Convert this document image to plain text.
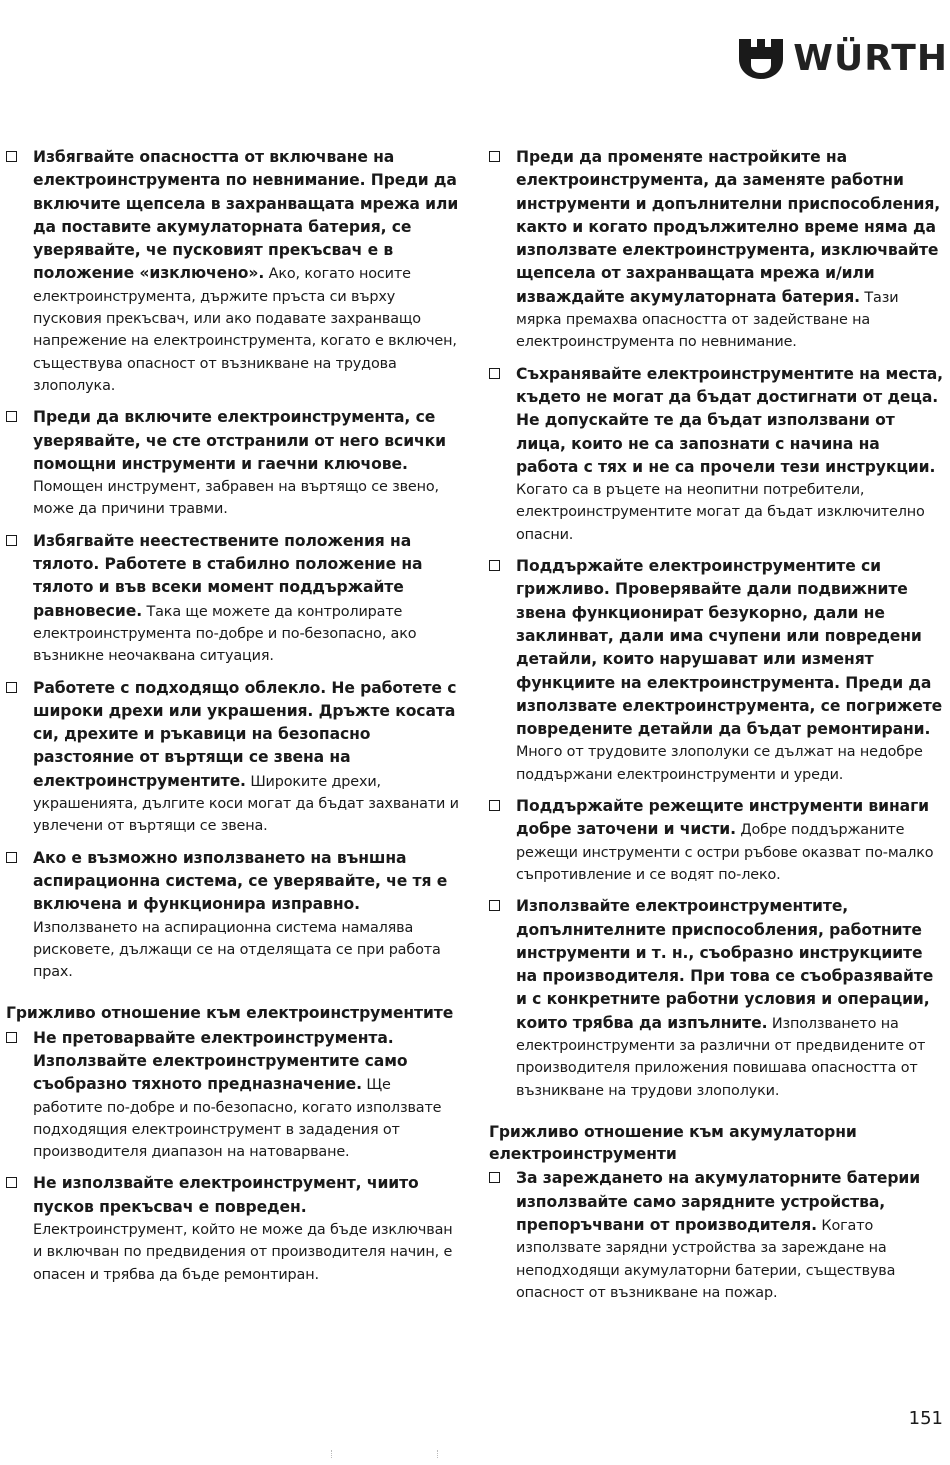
WÜRTH
Избягвайте опасността от включване на електроинструмента по невнимание. Преди да включите щепсела в захранващата мрежа или да поставите акумулаторната батерия, се уверявайте, че пусковият прекъсвач е в положение «изключено». Ако, когато носите електроинструмента, държите пръста си върху пусковия прекъсвач, или ако подавате захранващо напрежение на електроинструмента, когато е включен, съществува опасност от възникване на трудова злополука.
Преди да включите електроинструмента, се уверявайте, че сте отстранили от него всички помощни инструменти и гаечни ключове. Помощен инструмент, забравен на въртящо се звено, може да причини травми.
Избягвайте неестествените положения на тялото. Работете в стабилно положение на тялото и във всеки момент поддържайте равновесие. Така ще можете да контролирате електроинструмента по-добре и по-безопасно, ако възникне неочаквана ситуация.
Работете с подходящо облекло. Не работете с широки дрехи или украшения. Дръжте косата си, дрехите и ръкавици на безопасно разстояние от въртящи се звена на електроинструментите. Широките дрехи, украшенията, дългите коси могат да бъдат захванати и увлечени от въртящи се звена.
Ако е възможно използването на външна аспирационна система, се уверявайте, че тя е включена и функционира изправно. Използването на аспирационна система намалява рисковете, дължащи се на отделящата се при работа прах.
Грижливо отношение към електроинструментите
Не претоварвайте електроинструмента. Използвайте електроинструментите само съобразно тяхното предназначение. Ще работите по-добре и по-безопасно, когато използвате подходящия електроинструмент в зададения от производителя диапазон на натоварване.
Не използвайте електроинструмент, чиито пусков прекъсвач е повреден. Електроинструмент, който не може да бъде изключван и включван по предвидения от производителя начин, е опасен и трябва да бъде ремонтиран.
Преди да променяте настройките на електроинструмента, да заменяте работни инструменти и допълнителни приспособления, както и когато продължително време няма да използвате електроинструмента, изключвайте щепсела от захранващата мрежа и/или изваждайте акумулаторната батерия. Тази мярка премахва опасността от задействане на електроинструмента по невнимание.
Съхранявайте електроинструментите на места, където не могат да бъдат достигнати от деца. Не допускайте те да бъдат използвани от лица, които не са запознати с начина на работа с тях и не са прочели тези инструкции. Когато са в ръцете на неопитни потребители, електроинструментите могат да бъдат изключително опасни.
Поддържайте електроинструментите си грижливо. Проверявайте дали подвижните звена функционират безукорно, дали не заклинват, дали има счупени или повредени детайли, които нарушават или изменят функциите на електроинструмента. Преди да използвате електроинструмента, се погрижете повредените детайли да бъдат ремонтирани. Много от трудовите злополуки се дължат на недобре поддържани електроинструменти и уреди.
Поддържайте режещите инструменти винаги добре заточени и чисти. Добре поддържаните режещи инструменти с остри ръбове оказват по-малко съпротивление и се водят по-леко.
Използвайте електроинструментите, допълнителните приспособления, работните инструменти и т. н., съобразно инструкциите на производителя. При това се съобразявайте и с конкретните работни условия и операции, които трябва да изпълните. Използването на електроинструменти за различни от предвидените от производителя приложения повишава опасността от възникване на трудови злополуки.
Грижливо отношение към акумулаторни електроинструменти
За зареждането на акумулаторните батерии използвайте само зарядните устройства, препоръчвани от производителя. Когато използвате зарядни устройства за зареждане на неподходящи акумулаторни батерии, съществува опасност от възникване на пожар.
151
